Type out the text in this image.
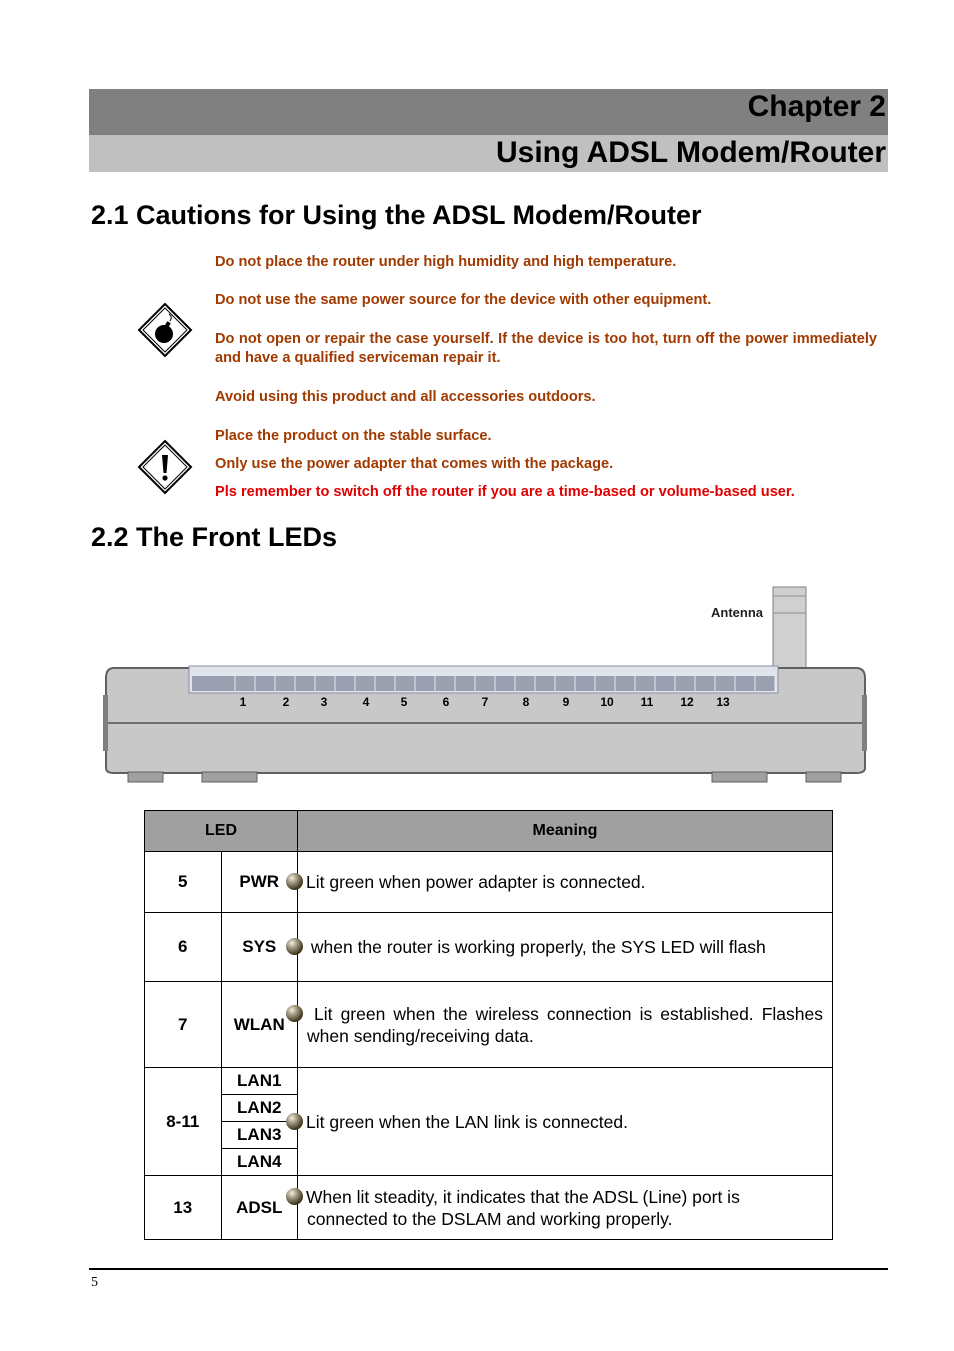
Chapter 2
Using ADSL Modem/Router
2.1 Cautions for Using the ADSL Modem/Router
Do not place the router under high humidity and high temperature.
Do not use the same power source for the device with other equipment.
Do not open or repair the case yourself. If the device is too hot, turn off the power immediately and have a qualified serviceman repair it.
Avoid using this product and all accessories outdoors.
Place the product on the stable surface.
Only use the power adapter that comes with the package.
Pls remember to switch off the router if you are a time-based or volume-based user.
2.2 The Front LEDs
Antenna
1	2	3	4	5	6	7	8	9	10 11 12 13
LED		Meaning
5	PWR	Lit green when power adapter is connected.
6	SYS	when the router is working properly, the SYS LED will flash
7	WLAN	Lit green when the wireless connection is established. Flashes when sending/receiving data.
8-11	LAN1	Lit green when the LAN link is connected.
	LAN2	
	LAN3	
	LAN4	
13	ADSL	When lit steadity, it indicates that the ADSL (Line) port is connected to the DSLAM and working properly.
5
